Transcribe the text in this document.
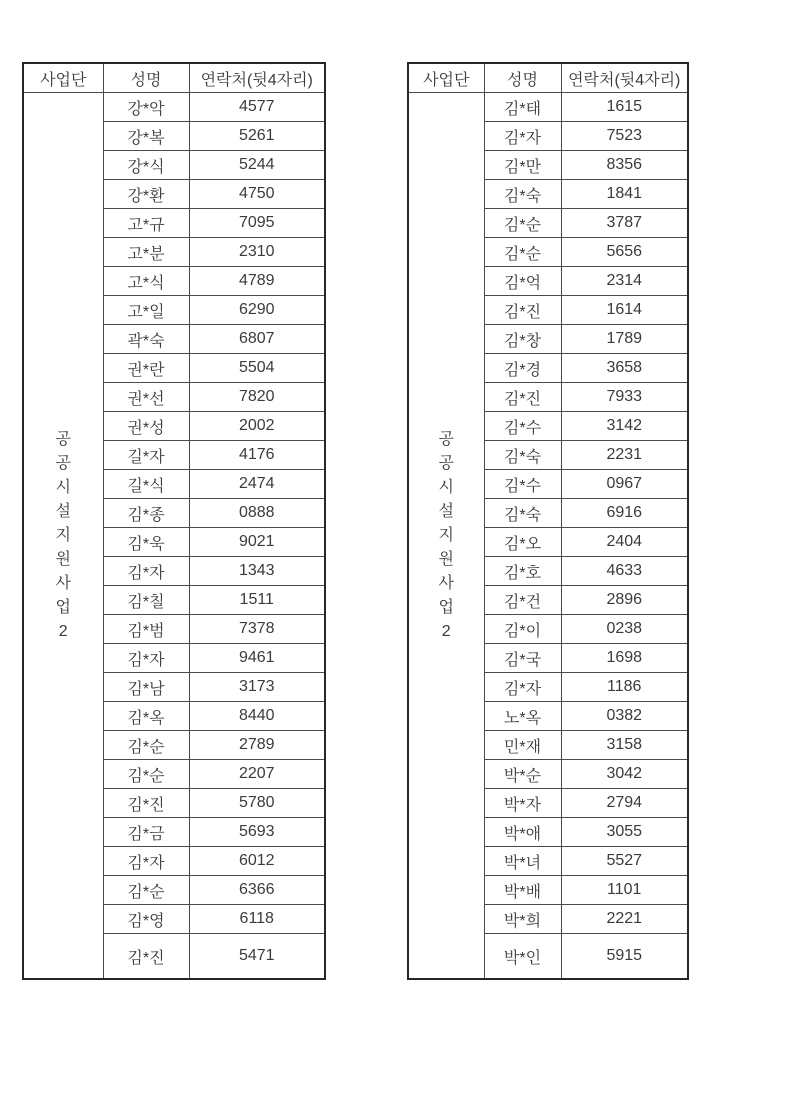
사업단	성명	연락처(뒷4자리)

공
공
시
설
지
원
사
업
2
	강*악	4577
	강*복	5261
	강*식	5244
	강*환	4750
	고*규	7095
	고*분	2310
	고*식	4789
	고*일	6290
	곽*숙	6807
	권*란	5504
	권*선	7820
	권*성	2002
	길*자	4176
	길*식	2474
	김*종	0888
	김*욱	9021
	김*자	1343
	김*칠	1511
	김*범	7378
	김*자	9461
	김*남	3173
	김*옥	8440
	김*순	2789
	김*순	2207
	김*진	5780
	김*금	5693
	김*자	6012
	김*순	6366
	김*영	6118
	김*진	5471
사업단	성명	연락처(뒷4자리)

공
공
시
설
지
원
사
업
2
	김*태	1615
	김*자	7523
	김*만	8356
	김*숙	1841
	김*순	3787
	김*순	5656
	김*억	2314
	김*진	1614
	김*창	1789
	김*경	3658
	김*진	7933
	김*수	3142
	김*숙	2231
	김*수	0967
	김*숙	6916
	김*오	2404
	김*호	4633
	김*건	2896
	김*이	0238
	김*국	1698
	김*자	1186
	노*옥	0382
	민*재	3158
	박*순	3042
	박*자	2794
	박*애	3055
	박*녀	5527
	박*배	1101
	박*희	2221
	박*인	5915
